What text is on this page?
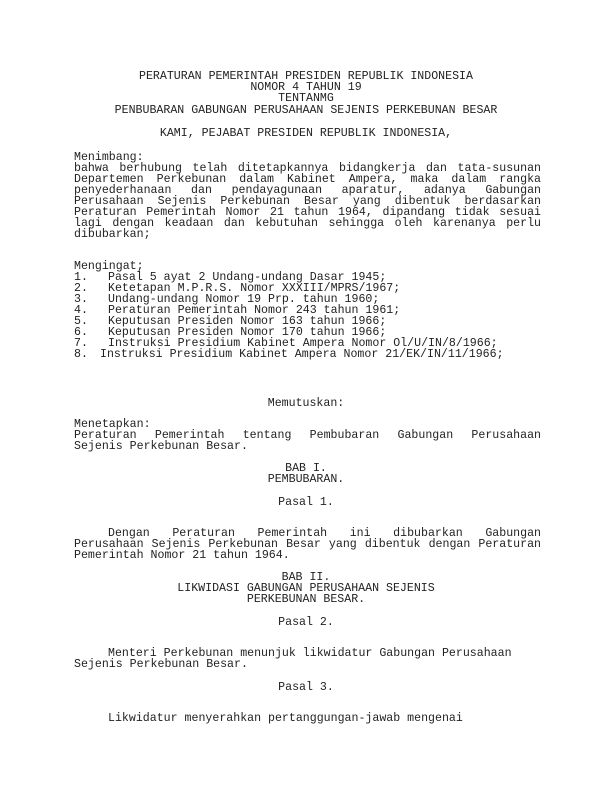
PERATURAN PEMERINTAH PRESIDEN REPUBLIK INDONESIA
NOMOR 4 TAHUN 19
TENTANMG
PENBUBARAN GABUNGAN PERUSAHAAN SEJENIS PERKEBUNAN BESAR
KAMI, PEJABAT PRESIDEN REPUBLIK INDONESIA,
Menimbang:
bahwa berhubung telah ditetapkannya bidangkerja dan tata-susunan
Departemen Perkebunan dalam Kabinet Ampera, maka dalam rangka
penyederhanaan dan pendayagunaan aparatur, adanya Gabungan
Perusahaan Sejenis Perkebunan Besar yang dibentuk berdasarkan
Peraturan Pemerintah Nomor 21 tahun 1964, dipandang tidak sesuai
lagi dengan keadaan dan kebutuhan sehingga oleh karenanya perlu
dibubarkan;
Mengingat;
1. Pasal 5 ayat 2 Undang-undang Dasar 1945;
2. Ketetapan M.P.R.S. Nomor XXXIII/MPRS/1967;
3. Undang-undang Nomor 19 Prp. tahun 1960;
4. Peraturan Pemerintah Nomor 243 tahun 1961;
5. Keputusan Presiden Nomor 163 tahun 1966;
6. Keputusan Presiden Nomor 170 tahun 1966;
7. Instruksi Presidium Kabinet Ampera Nomor Ol/U/IN/8/1966;
8. Instruksi Presidium Kabinet Ampera Nomor 21/EK/IN/11/1966;
Memutuskan:
Menetapkan:
Peraturan Pemerintah tentang Pembubaran Gabungan Perusahaan
Sejenis Perkebunan Besar.
BAB I.
PEMBUBARAN.
Pasal 1.
Dengan Peraturan Pemerintah ini dibubarkan Gabungan
Perusahaan Sejenis Perkebunan Besar yang dibentuk dengan Peraturan
Pemerintah Nomor 21 tahun 1964.
BAB II.
LIKWIDASI GABUNGAN PERUSAHAAN SEJENIS
PERKEBUNAN BESAR.
Pasal 2.
Menteri Perkebunan menunjuk likwidatur Gabungan Perusahaan
Sejenis Perkebunan Besar.
Pasal 3.
Likwidatur menyerahkan pertanggungan-jawab mengenai
